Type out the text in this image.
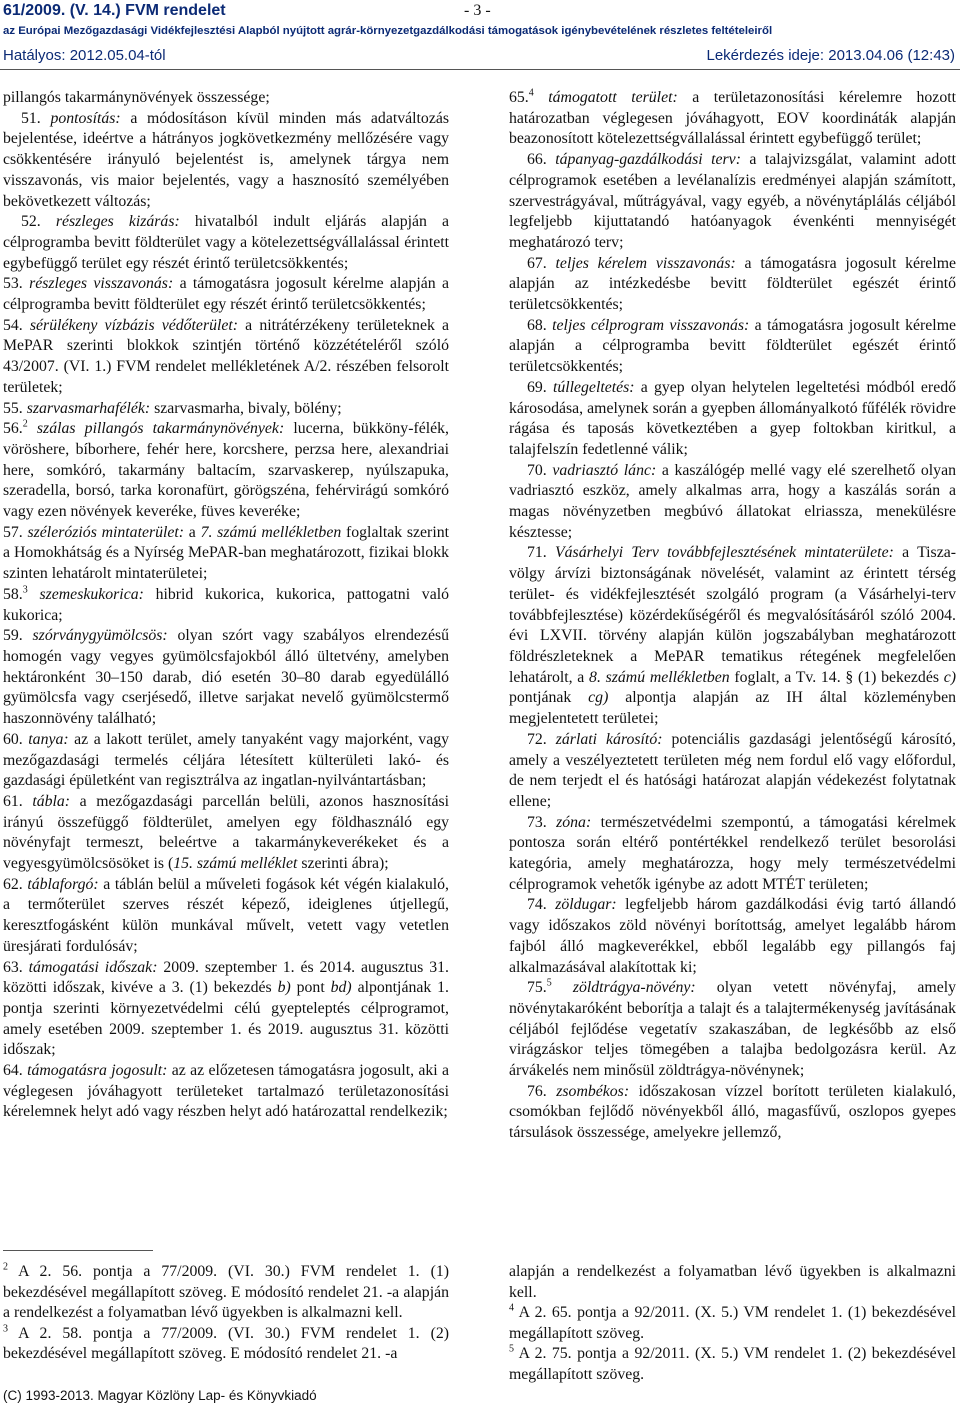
61/2009. (V. 14.) FVM rendelet	- 3 -
az Európai Mezőgazdasági Vidékfejlesztési Alapból nyújtott agrár-környezetgazdálkodási támogatások igénybevételének részletes feltételeiről
Hatályos: 2012.05.04-tól	Lekérdezés ideje: 2013.04.06 (12:43)

pillangós takarmánynövények összessége;

51. pontosítás: a módosításon kívül minden más adatváltozás bejelentése, ideértve a hátrányos jogkövetkezmény mellőzésére vagy csökkentésére irányuló bejelentést is, amelynek tárgya nem visszavonás, vis maior bejelentés, vagy a hasznosító személyében bekövetkezett változás;

52. részleges kizárás: hivatalból indult eljárás alapján a célprogramba bevitt földterület vagy a kötelezettségvállalással érintett egybefüggő terület egy részét érintő területcsökkentés;

53. részleges visszavonás: a támogatásra jogosult kérelme alapján a célprogramba bevitt földterület egy részét érintő területcsökkentés;

54. sérülékeny vízbázis védőterület: a nitrátérzékeny területeknek a MePAR szerinti blokkok szintjén történő közzétételéről szóló 43/2007. (VI. 1.) FVM rendelet mellékletének A/2. részében felsorolt területek;

55. szarvasmarhafélék: szarvasmarha, bivaly, bölény;

56.$^2$ szálas pillangós takarmánynövények: lucerna, bükköny-félék, vöröshere, bíborhere, fehér here, korcshere, perzsa here, alexandriai here, somkóró, takarmány baltacím, szarvaskerep, nyúlszapuka, szeradella, borsó, tarka koronafürt, görögszéna, fehérvirágú somkóró vagy ezen növények keveréke, füves keveréke;

57. széleróziós mintaterület: a 7. számú mellékletben foglaltak szerint a Homokhátság és a Nyírség MePAR-ban meghatározott, fizikai blokk szinten lehatárolt mintaterületei;

58.$^3$ szemeskukorica: hibrid kukorica, kukorica, pattogatni való kukorica;

59. szórványgyümölcsös: olyan szórt vagy szabályos elrendezésű homogén vagy vegyes gyümölcsfajokból álló ültetvény, amelyben hektáronként 30–150 darab, dió esetén 30–80 darab egyedülálló gyümölcsfa vagy cserjésedő, illetve sarjakat nevelő gyümölcstermő haszonnövény található;

60. tanya: az a lakott terület, amely tanyaként vagy majorként, vagy mezőgazdasági termelés céljára létesített külterületi lakó- és gazdasági épületként van regisztrálva az ingatlan-nyilvántartásban;

61. tábla: a mezőgazdasági parcellán belüli, azonos hasznosítási irányú összefüggő földterület, amelyen egy földhasználó egy növényfajt termeszt, beleértve a takarmánykeverékeket és a vegyesgyümölcsösöket is (15. számú melléklet szerinti ábra);

62. táblaforgó: a táblán belül a műveleti fogások két végén kialakuló, a termőterület szerves részét képező, ideiglenes útjellegű, keresztfogásként külön munkával művelt, vetett vagy vetetlen üresjárati fordulósáv;

63. támogatási időszak: 2009. szeptember 1. és 2014. augusztus 31. közötti időszak, kivéve a 3. (1) bekezdés b) pont bd) alpontjának 1. pontja szerinti környezetvédelmi célú gyepteleptés célprogramot, amely esetében 2009. szeptember 1. és 2019. augusztus 31. közötti időszak;

64. támogatásra jogosult: az az előzetesen támogatásra jogosult, aki a véglegesen jóváhagyott területeket tartalmazó területazonosítási kérelemnek helyt adó vagy részben helyt adó határozattal rendelkezik;

65.$^4$ támogatott terület: a területazonosítási kérelemre hozott határozatban véglegesen jóváhagyott, EOV koordináták alapján beazonosított kötelezettségvállalással érintett egybefüggő terület;

66. tápanyag-gazdálkodási terv: a talajvizsgálat, valamint adott célprogramok esetében a levélanalízis eredményei alapján számított, szervestrágyával, műtrágyával, vagy egyéb, a növénytáplálás céljából legfeljebb kijuttatandó hatóanyagok évenkénti mennyiségét meghatározó terv;

67. teljes kérelem visszavonás: a támogatásra jogosult kérelme alapján az intézkedésbe bevitt földterület egészét érintő területcsökkentés;

68. teljes célprogram visszavonás: a támogatásra jogosult kérelme alapján a célprogramba bevitt földterület egészét érintő területcsökkentés;

69. túllegeltetés: a gyep olyan helytelen legeltetési módból eredő károsodása, amelynek során a gyepben állományalkotó fűfélék rövidre rágása és taposás következtében a gyep foltokban kiritkul, a talajfelszín fedetlenné válik;

70. vadriasztó lánc: a kaszálógép mellé vagy elé szerelhető olyan vadriasztó eszköz, amely alkalmas arra, hogy a kaszálás során a magas növényzetben megbúvó állatokat elriassza, menekülésre késztesse;

71. Vásárhelyi Terv továbbfejlesztésének mintaterülete: a Tisza-völgy árvízi biztonságának növelését, valamint az érintett térség terület- és vidékfejlesztését szolgáló program (a Vásárhelyi-terv továbbfejlesztése) közérdekűségéről és megvalósításáról szóló 2004. évi LXVII. törvény alapján külön jogszabályban meghatározott földrészleteknek a MePAR tematikus rétegének megfelelően lehatárolt, a 8. számú mellékletben foglalt, a Tv. 14. § (1) bekezdés c) pontjának cg) alpontja alapján az IH által közleményben megjelentetett területei;

72. zárlati károsító: potenciális gazdasági jelentőségű károsító, amely a veszélyeztetett területen még nem fordul elő vagy előfordul, de nem terjedt el és hatósági határozat alapján védekezést folytatnak ellene;

73. zóna: természetvédelmi szempontú, a támogatási kérelmek pontosza során eltérő pontértékkel rendelkező terület besorolási kategória, amely meghatározza, hogy mely természetvédelmi célprogramok vehetők igénybe az adott MTÉT területen;

74. zöldugar: legfeljebb három gazdálkodási évig tartó állandó vagy időszakos zöld növényi borítottság, amelyet legalább három fajból álló magkeverékkel, ebből legalább egy pillangós faj alkalmazásával alakítottak ki;

75.$^5$ zöldtrágya-növény: olyan vetett növényfaj, amely növénytakaróként beborítja a talajt és a talajtermékenység javításának céljából fejlődése vegetatív szakaszában, de legkésőbb az első virágzáskor teljes tömegében a talajba bedolgozásra kerül. Az árvákelés nem minősül zöldtrágya-növénynek;

76. zsombékos: időszakosan vízzel borított területen kialakuló, csomókban fejlődő növényekből álló, magasfűvű, oszlopos gyepes társulások összessége, amelyekre jellemző,

$^2$ A 2. 56. pontja a 77/2009. (VI. 30.) FVM rendelet 1. (1) bekezdésével megállapított szöveg. E módosító rendelet 21. -a alapján a rendelkezést a folyamatban lévő ügyekben is alkalmazni kell.

$^3$ A 2. 58. pontja a 77/2009. (VI. 30.) FVM rendelet 1. (2) bekezdésével megállapított szöveg. E módosító rendelet 21. -a

alapján a rendelkezést a folyamatban lévő ügyekben is alkalmazni kell.

$^4$ A 2. 65. pontja a 92/2011. (X. 5.) VM rendelet 1. (1) bekezdésével megállapított szöveg.

$^5$ A 2. 75. pontja a 92/2011. (X. 5.) VM rendelet 1. (2) bekezdésével megállapított szöveg.

(C) 1993-2013. Magyar Közlöny Lap- és Könyvkiadó
